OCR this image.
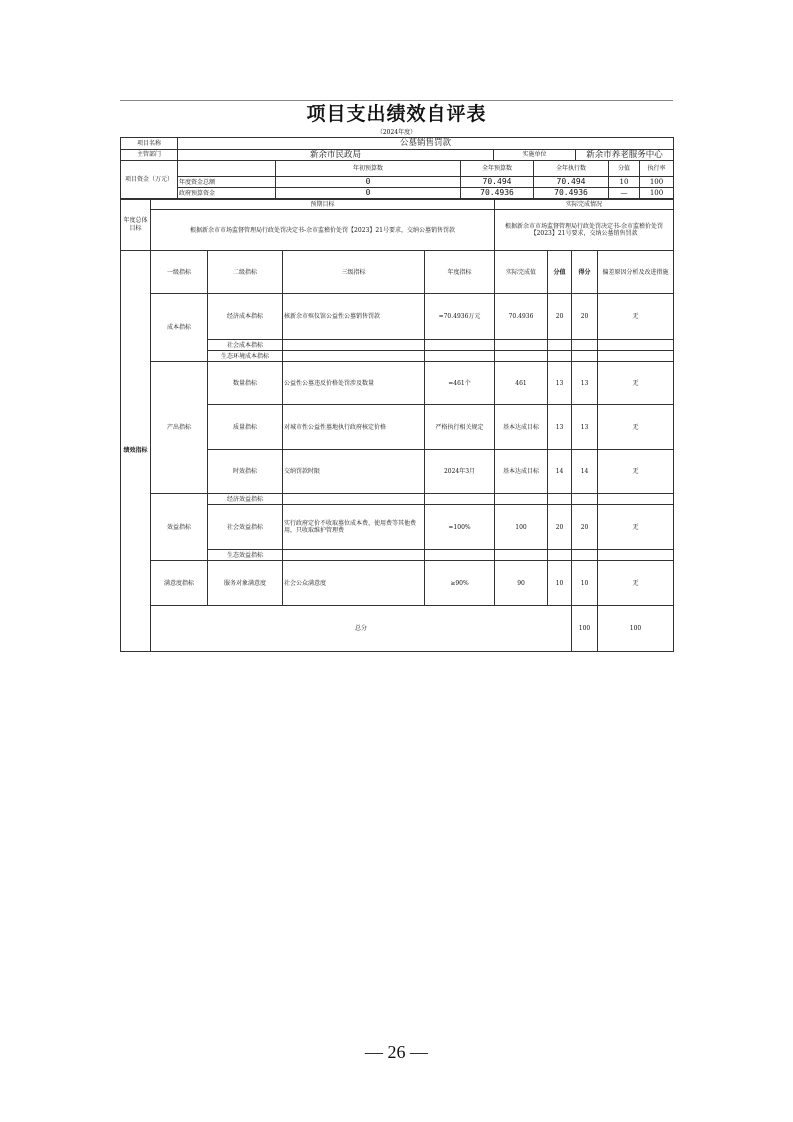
项目支出绩效自评表
（2024年度）
项目名称	公墓销售罚款								
主管部门	新余市民政局			实施单位		新余市养老服务中心			
项目资金（万元）		年初预算数	全年预算数		全年执行数		分值	执行率	
	年度资金总额	0	70.494		70.494		10	100	
	政府预算资金	0	70.4936		70.4936		—	100	
年度总体目标	预期目标				实际完成情况				
	根据新余市市场监督管理局行政处罚决定书-余市监稽价处罚【2023】21号要求，交纳公墓销售罚款				根据新余市市场监督管理局行政处罚决定书-余市监稽价处罚【2023】21号要求，交纳公墓销售罚款				
绩效指标	一级指标	二级指标	三级指标	年度指标	实际完成值	分值	得分	偏差原因分析及改进措施	
	成本指标	经济成本指标	核新余市殡仪馆公益性公墓销售罚款	=70.4936万元	70.4936	20	20	无	
		社会成本指标							
		生态环境成本指标							
	产出指标	数量指标	公益性公墓违反价格处罚涉及数量	=461个	461	13	13	无	
		质量指标	对城市性公益性墓地执行政府核定价格	严格执行相关规定	基本达成目标	13	13	无	
		时效指标	交纳罚款时限	2024年3月	基本达成目标	14	14	无	
	效益指标	经济效益指标							
		社会效益指标	实行政府定价不收取墓位成本费、使用费等其他费用，只收取维护管理费	=100%	100	20	20	无	
		生态效益指标							
	满意度指标	服务对象满意度	社会公众满意度	≥90%	90	10	10	无	
	总分						100	100	
— 26 —
